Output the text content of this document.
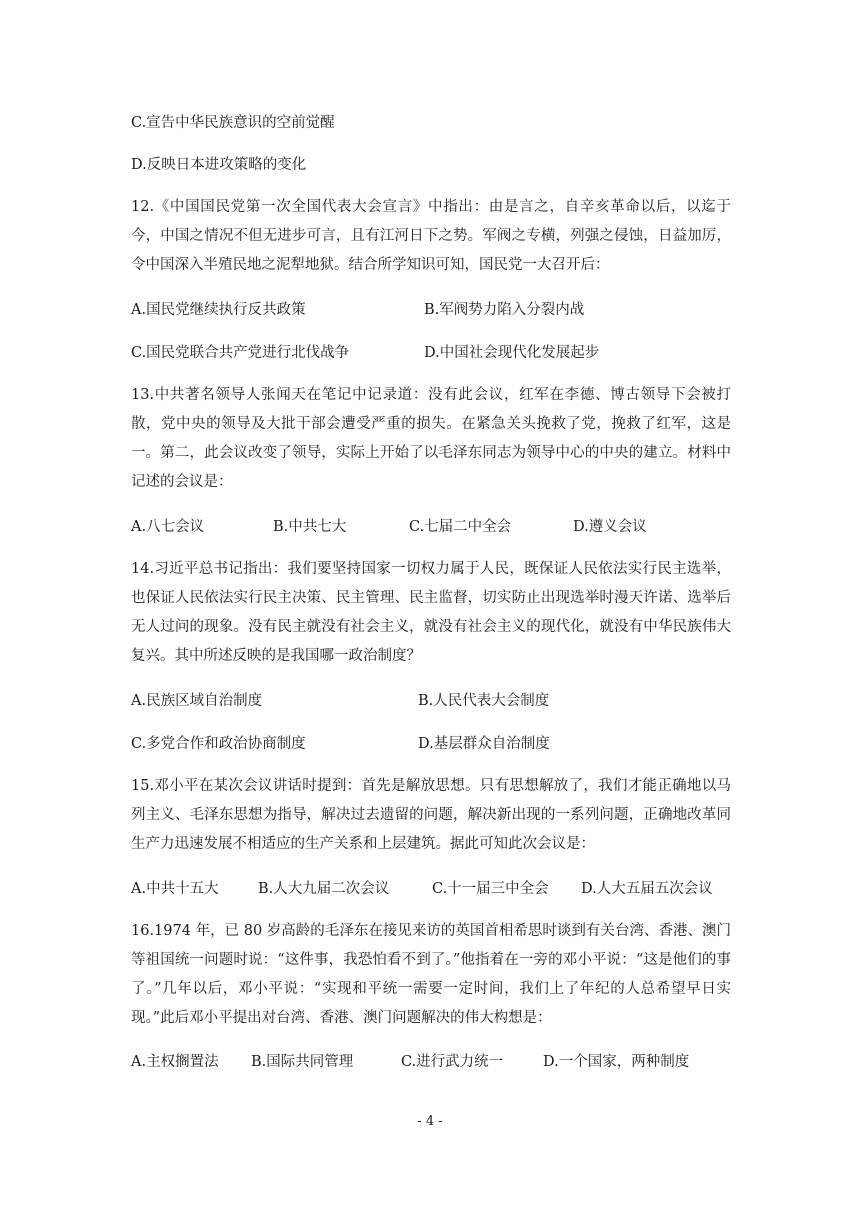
C.宣告中华民族意识的空前觉醒
D.反映日本进攻策略的变化
12.《中国国民党第一次全国代表大会宣言》中指出：由是言之，自辛亥革命以后，以迄于今，中国之情况不但无进步可言，且有江河日下之势。军阀之专横，列强之侵蚀，日益加厉，令中国深入半殖民地之泥犁地狱。结合所学知识可知，国民党一大召开后：
A.国民党继续执行反共政策	B.军阀势力陷入分裂内战
C.国民党联合共产党进行北伐战争	D.中国社会现代化发展起步
13.中共著名领导人张闻天在笔记中记录道：没有此会议，红军在李德、博古领导下会被打散，党中央的领导及大批干部会遭受严重的损失。在紧急关头挽救了党，挽救了红军，这是一。第二，此会议改变了领导，实际上开始了以毛泽东同志为领导中心的中央的建立。材料中记述的会议是：
A.八七会议	B.中共七大	C.七届二中全会	D.遵义会议
14.习近平总书记指出：我们要坚持国家一切权力属于人民，既保证人民依法实行民主选举，也保证人民依法实行民主决策、民主管理、民主监督，切实防止出现选举时漫天许诺、选举后无人过问的现象。没有民主就没有社会主义，就没有社会主义的现代化，就没有中华民族伟大复兴。其中所述反映的是我国哪一政治制度？
A.民族区域自治制度	B.人民代表大会制度
C.多党合作和政治协商制度	D.基层群众自治制度
15.邓小平在某次会议讲话时提到：首先是解放思想。只有思想解放了，我们才能正确地以马列主义、毛泽东思想为指导，解决过去遗留的问题，解决新出现的一系列问题，正确地改革同生产力迅速发展不相适应的生产关系和上层建筑。据此可知此次会议是：
A.中共十五大	B.人大九届二次会议	C.十一届三中全会 D.人大五届五次会议
16.1974 年，已 80 岁高龄的毛泽东在接见来访的英国首相希思时谈到有关台湾、香港、澳门等祖国统一问题时说：“这件事，我恐怕看不到了。”他指着在一旁的邓小平说：“这是他们的事了。”几年以后，邓小平说：“实现和平统一需要一定时间，我们上了年纪的人总希望早日实现。”此后邓小平提出对台湾、香港、澳门问题解决的伟大构想是：
A.主权搁置法 B.国际共同管理	C.进行武力统一	D.一个国家，两种制度
- 4 -
